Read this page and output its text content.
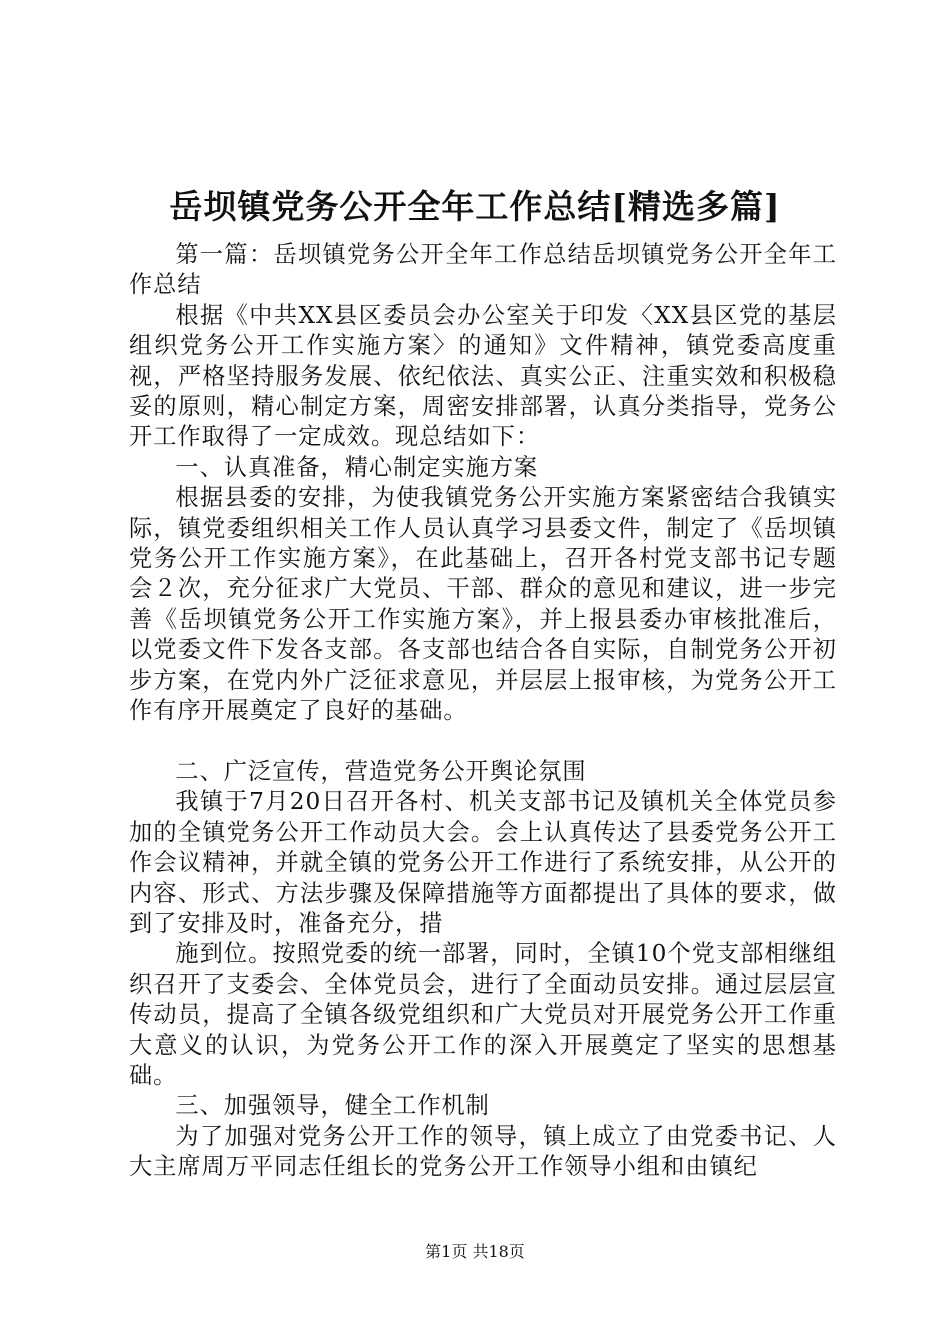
岳坝镇党务公开全年工作总结[精选多篇]

第一篇：岳坝镇党务公开全年工作总结岳坝镇党务公开全年工作总结

根据《中共XX县区委员会办公室关于印发〈XX县区党的基层组织党务公开工作实施方案〉的通知》文件精神，镇党委高度重视，严格坚持服务发展、依纪依法、真实公正、注重实效和积极稳妥的原则，精心制定方案，周密安排部署，认真分类指导，党务公开工作取得了一定成效。现总结如下：

一、认真准备，精心制定实施方案

根据县委的安排，为使我镇党务公开实施方案紧密结合我镇实际，镇党委组织相关工作人员认真学习县委文件，制定了《岳坝镇党务公开工作实施方案》，在此基础上，召开各村党支部书记专题会２次，充分征求广大党员、干部、群众的意见和建议，进一步完善《岳坝镇党务公开工作实施方案》，并上报县委办审核批准后，以党委文件下发各支部。各支部也结合各自实际，自制党务公开初步方案，在党内外广泛征求意见，并层层上报审核，为党务公开工作有序开展奠定了良好的基础。

二、广泛宣传，营造党务公开舆论氛围

我镇于7月20日召开各村、机关支部书记及镇机关全体党员参加的全镇党务公开工作动员大会。会上认真传达了县委党务公开工作会议精神，并就全镇的党务公开工作进行了系统安排，从公开的内容、形式、方法步骤及保障措施等方面都提出了具体的要求，做到了安排及时，准备充分，措

施到位。按照党委的统一部署，同时，全镇10个党支部相继组织召开了支委会、全体党员会，进行了全面动员安排。通过层层宣传动员，提高了全镇各级党组织和广大党员对开展党务公开工作重大意义的认识，为党务公开工作的深入开展奠定了坚实的思想基础。

三、加强领导，健全工作机制

为了加强对党务公开工作的领导，镇上成立了由党委书记、人大主席周万平同志任组长的党务公开工作领导小组和由镇纪

第1页 共18页
